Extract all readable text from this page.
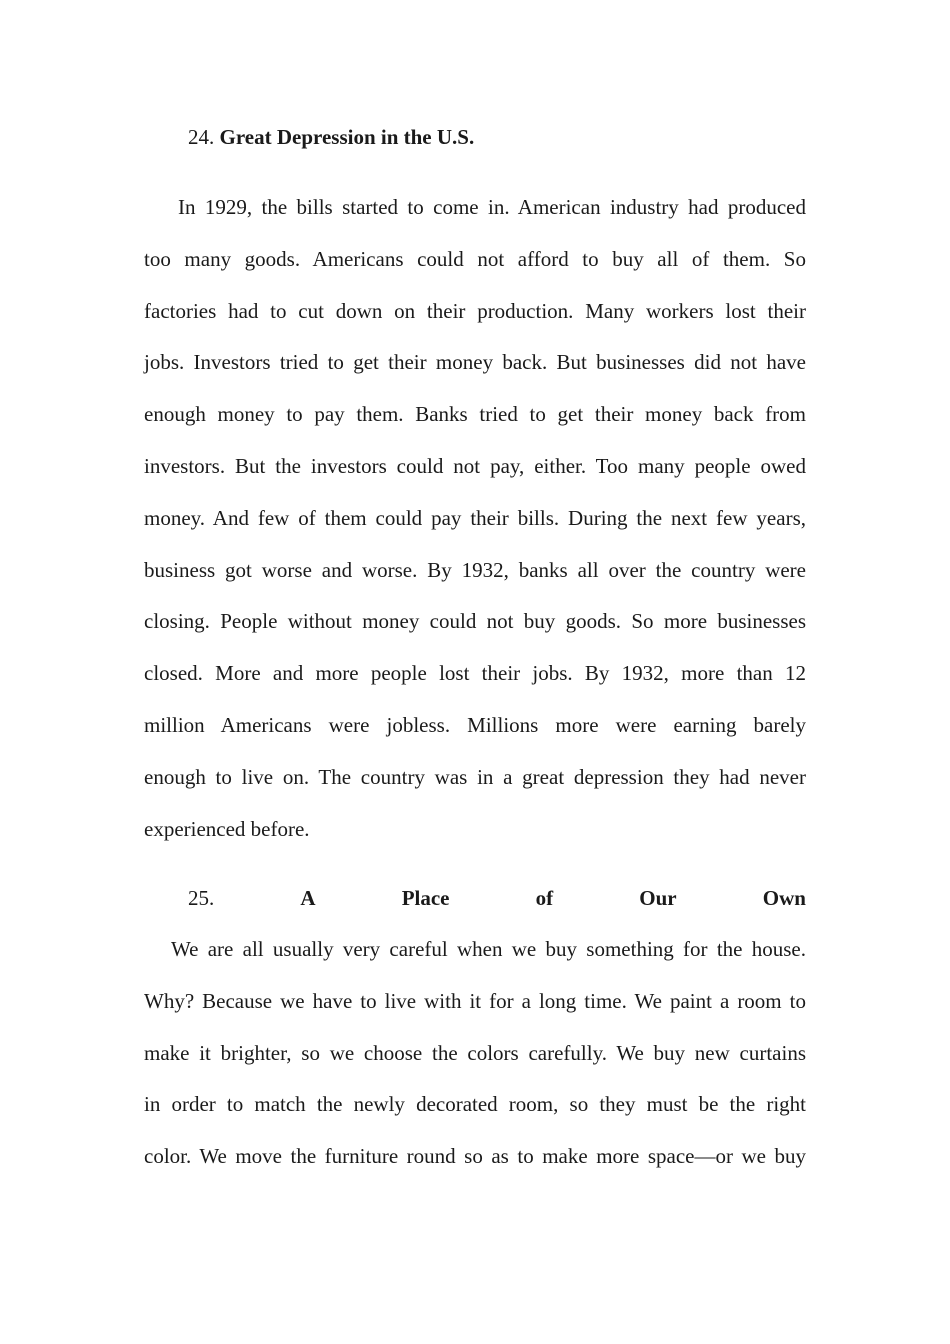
24. Great Depression in the U.S.
In 1929, the bills started to come in. American industry had produced
too many goods. Americans could not afford to buy all of them. So
factories had to cut down on their production. Many workers lost their
jobs. Investors tried to get their money back. But businesses did not have
enough money to pay them. Banks tried to get their money back from
investors. But the investors could not pay, either. Too many people owed
money. And few of them could pay their bills. During the next few years,
business got worse and worse. By 1932, banks all over the country were
closing. People without money could not buy goods. So more businesses
closed. More and more people lost their jobs. By 1932, more than 12
million Americans were jobless. Millions more were earning barely
enough to live on. The country was in a great depression they had never
experienced before.
25.	A	Place	of	Our	Own
We are all usually very careful when we buy something for the house.
Why? Because we have to live with it for a long time. We paint a room to
make it brighter, so we choose the colors carefully. We buy new curtains
in order to match the newly decorated room, so they must be the right
color. We move the furniture round so as to make more space—or we buy
